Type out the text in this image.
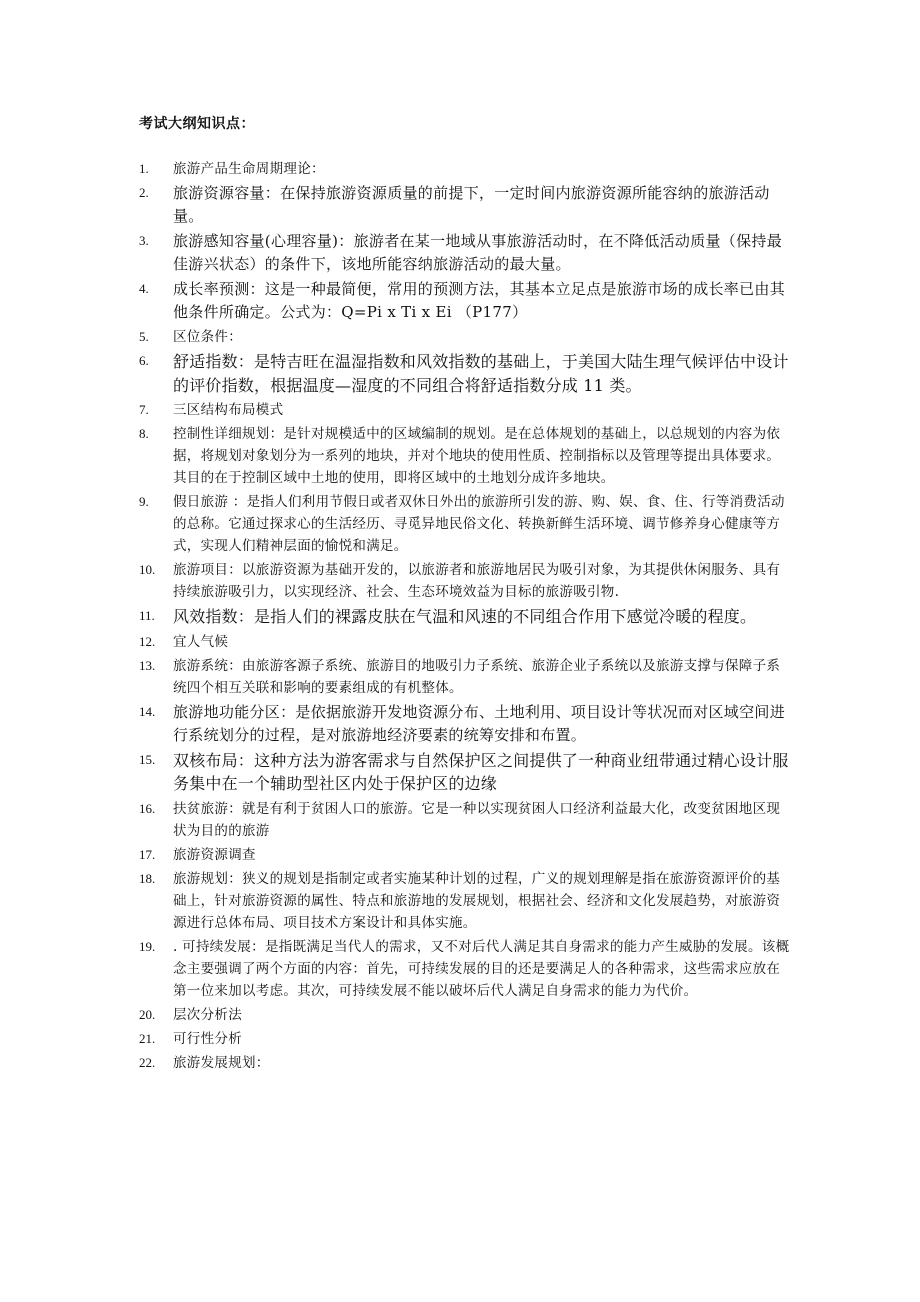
考试大纲知识点：
1. 旅游产品生命周期理论：
2. 旅游资源容量：在保持旅游资源质量的前提下，一定时间内旅游资源所能容纳的旅游活动量。
3. 旅游感知容量(心理容量)：旅游者在某一地域从事旅游活动时，在不降低活动质量（保持最佳游兴状态）的条件下，该地所能容纳旅游活动的最大量。
4. 成长率预测：这是一种最简便，常用的预测方法，其基本立足点是旅游市场的成长率已由其他条件所确定。公式为：Q=Pi x Ti x Ei （P177）
5. 区位条件：
6. 舒适指数：是特吉旺在温湿指数和风效指数的基础上，于美国大陆生理气候评估中设计的评价指数，根据温度—湿度的不同组合将舒适指数分成 11 类。
7. 三区结构布局模式
8. 控制性详细规划：是针对规模适中的区域编制的规划。是在总体规划的基础上，以总规划的内容为依据，将规划对象划分为一系列的地块，并对个地块的使用性质、控制指标以及管理等提出具体要求。其目的在于控制区域中土地的使用，即将区域中的土地划分成许多地块。
9. 假日旅游 ：是指人们利用节假日或者双休日外出的旅游所引发的游、购、娱、食、住、行等消费活动的总称。它通过探求心的生活经历、寻觅异地民俗文化、转换新鲜生活环境、调节修养身心健康等方式，实现人们精神层面的愉悦和满足。
10. 旅游项目：以旅游资源为基础开发的，以旅游者和旅游地居民为吸引对象，为其提供休闲服务、具有持续旅游吸引力，以实现经济、社会、生态环境效益为目标的旅游吸引物.
11. 风效指数：是指人们的裸露皮肤在气温和风速的不同组合作用下感觉冷暖的程度。
12. 宜人气候
13. 旅游系统：由旅游客源子系统、旅游目的地吸引力子系统、旅游企业子系统以及旅游支撑与保障子系统四个相互关联和影响的要素组成的有机整体。
14. 旅游地功能分区：是依据旅游开发地资源分布、土地利用、项目设计等状况而对区域空间进行系统划分的过程，是对旅游地经济要素的统筹安排和布置。
15. 双核布局：这种方法为游客需求与自然保护区之间提供了一种商业纽带通过精心设计服务集中在一个辅助型社区内处于保护区的边缘
16. 扶贫旅游：就是有利于贫困人口的旅游。它是一种以实现贫困人口经济利益最大化，改变贫困地区现状为目的的旅游
17. 旅游资源调查
18. 旅游规划：狭义的规划是指制定或者实施某种计划的过程，广义的规划理解是指在旅游资源评价的基础上，针对旅游资源的属性、特点和旅游地的发展规划，根据社会、经济和文化发展趋势，对旅游资源进行总体布局、项目技术方案设计和具体实施。
19. . 可持续发展：是指既满足当代人的需求，又不对后代人满足其自身需求的能力产生威胁的发展。该概念主要强调了两个方面的内容：首先，可持续发展的目的还是要满足人的各种需求，这些需求应放在第一位来加以考虑。其次，可持续发展不能以破坏后代人满足自身需求的能力为代价。
20. 层次分析法
21. 可行性分析
22. 旅游发展规划：
